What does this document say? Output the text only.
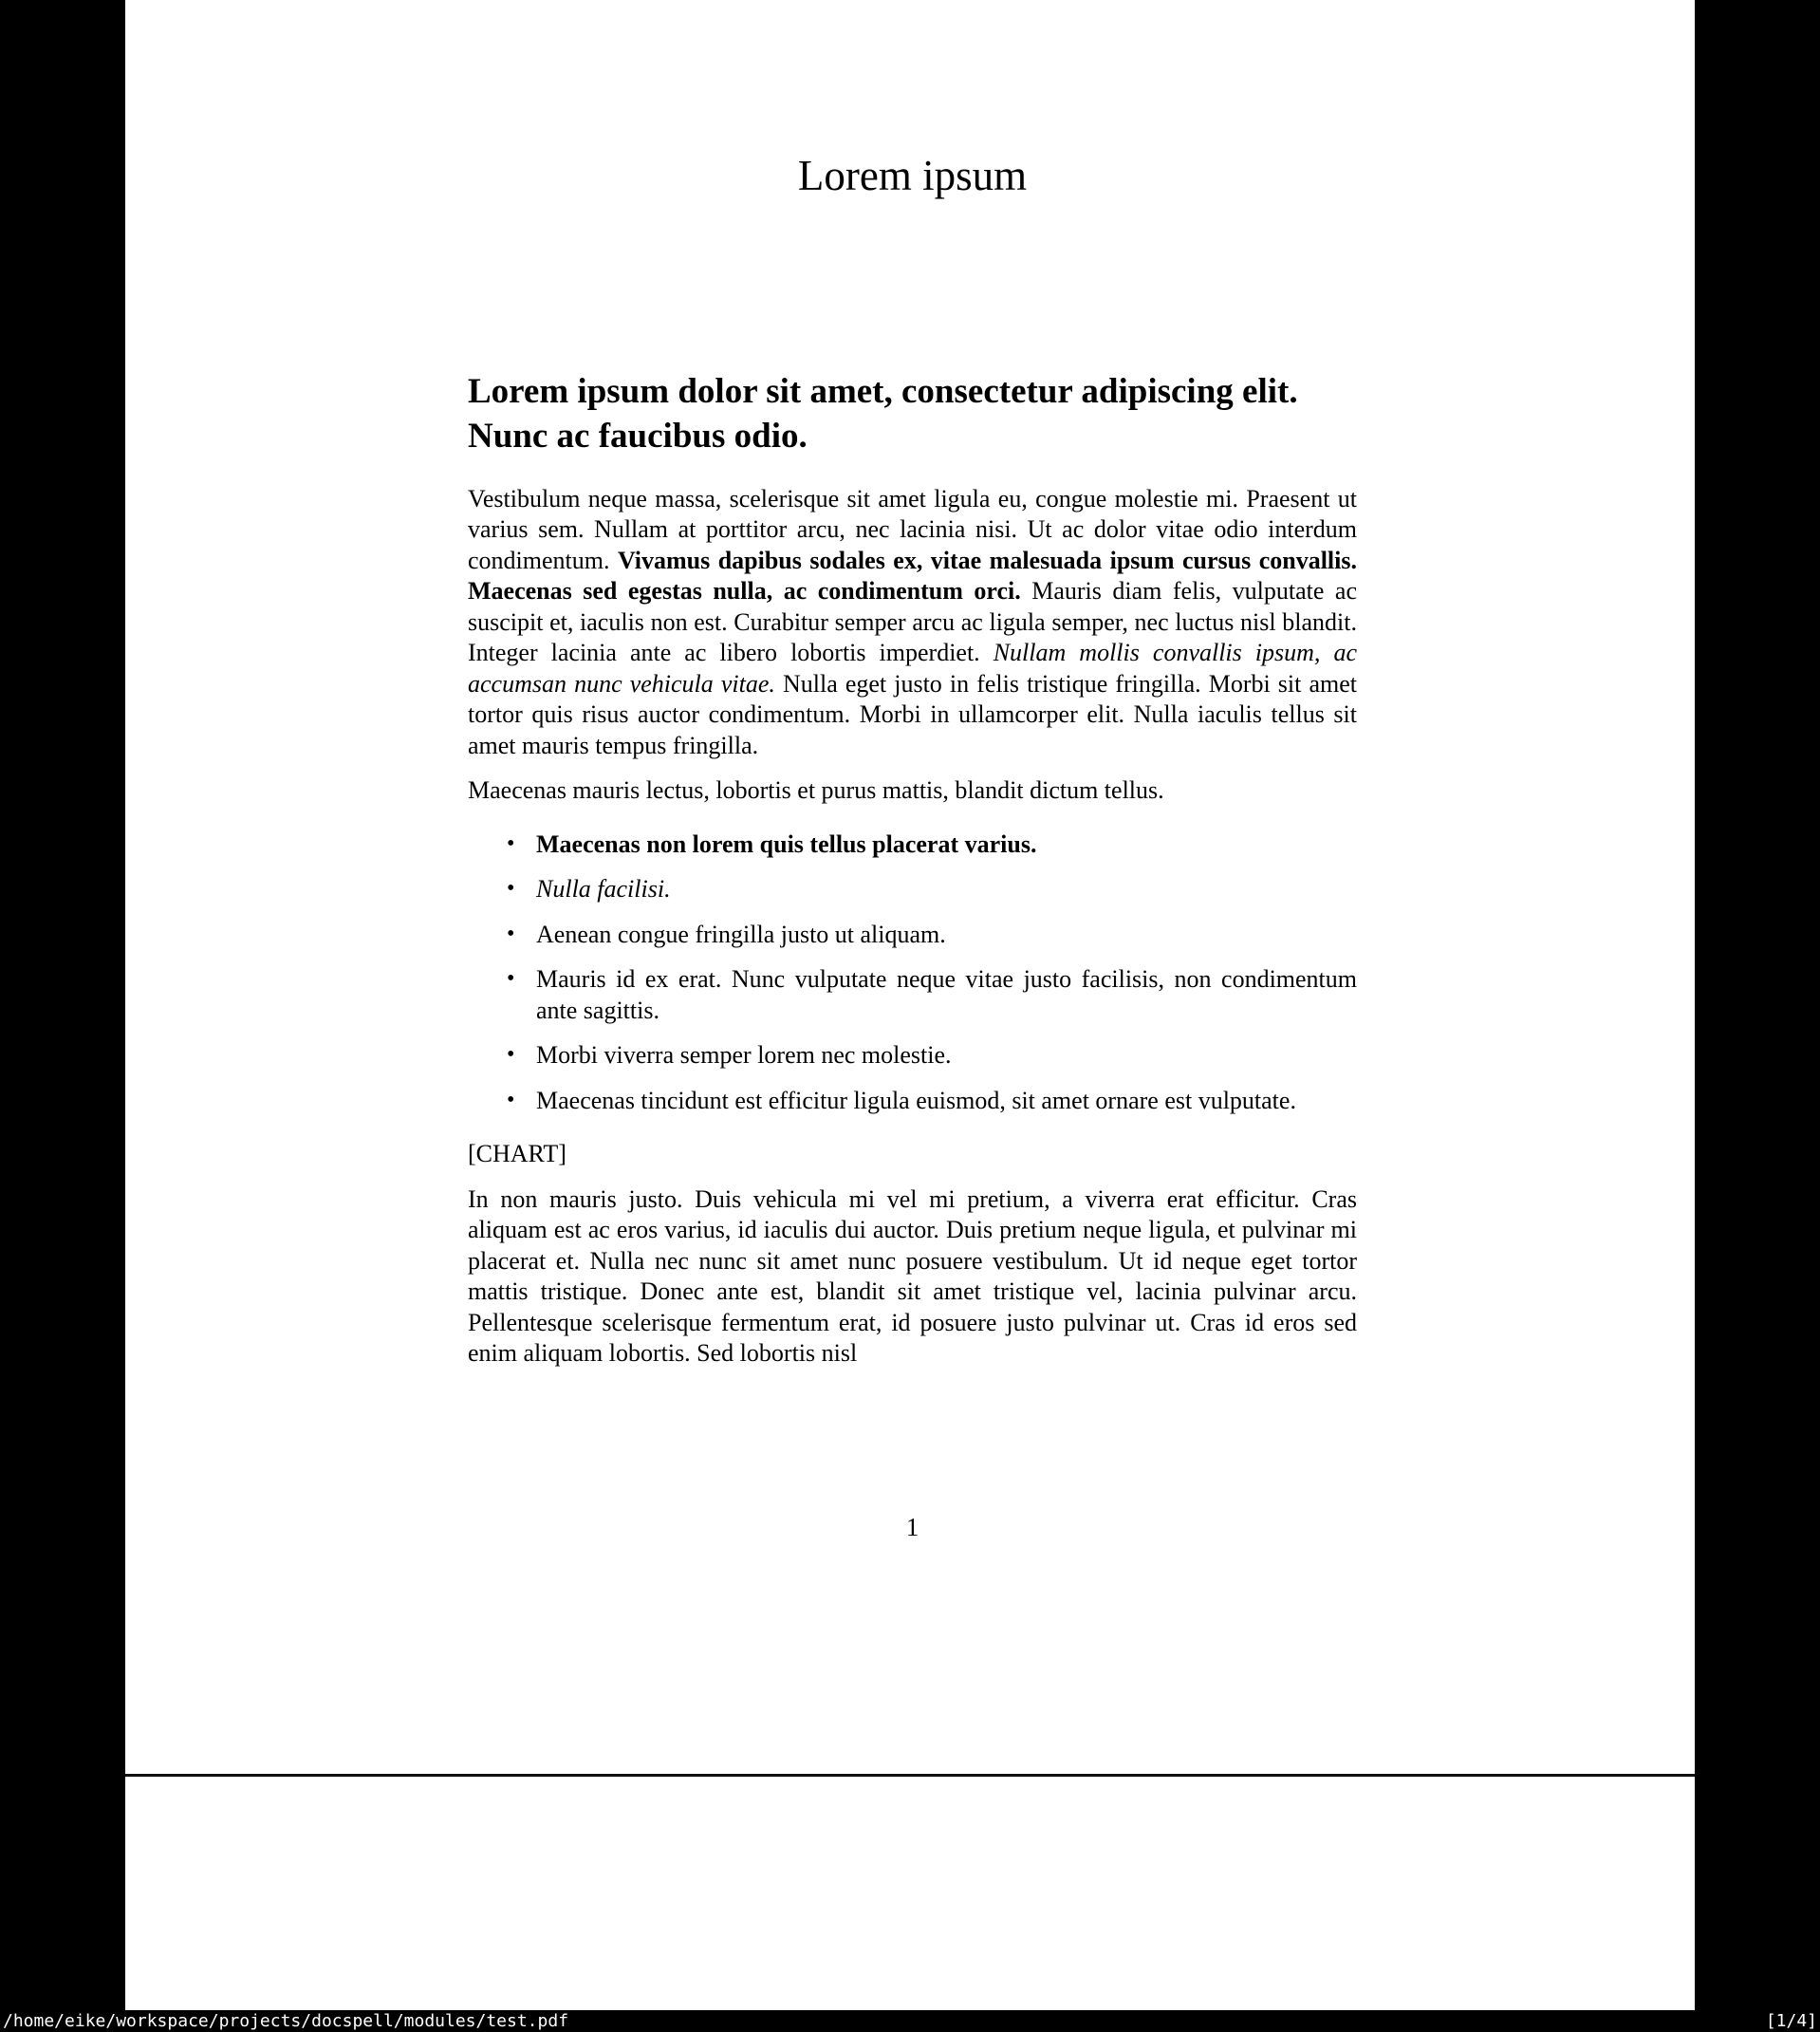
Lorem ipsum
Lorem ipsum dolor sit amet, consectetur adipiscing elit. Nunc ac faucibus odio.

Vestibulum neque massa, scelerisque sit amet ligula eu, congue molestie mi. Praesent ut varius sem. Nullam at porttitor arcu, nec lacinia nisi. Ut ac dolor vitae odio interdum condimentum. Vivamus dapibus sodales ex, vitae malesuada ipsum cursus convallis. Maecenas sed egestas nulla, ac condimentum orci. Mauris diam felis, vulputate ac suscipit et, iaculis non est. Curabitur semper arcu ac ligula semper, nec luctus nisl blandit. Integer lacinia ante ac libero lobortis imperdiet. Nullam mollis convallis ipsum, ac accumsan nunc vehicula vitae. Nulla eget justo in felis tristique fringilla. Morbi sit amet tortor quis risus auctor condimentum. Morbi in ullamcorper elit. Nulla iaculis tellus sit amet mauris tempus fringilla.

Maecenas mauris lectus, lobortis et purus mattis, blandit dictum tellus.

• Maecenas non lorem quis tellus placerat varius.
• Nulla facilisi.
• Aenean congue fringilla justo ut aliquam.
• Mauris id ex erat. Nunc vulputate neque vitae justo facilisis, non condimentum ante sagittis.
• Morbi viverra semper lorem nec molestie.
• Maecenas tincidunt est efficitur ligula euismod, sit amet ornare est vulputate.

[CHART]

In non mauris justo. Duis vehicula mi vel mi pretium, a viverra erat efficitur. Cras aliquam est ac eros varius, id iaculis dui auctor. Duis pretium neque ligula, et pulvinar mi placerat et. Nulla nec nunc sit amet nunc posuere vestibulum. Ut id neque eget tortor mattis tristique. Donec ante est, blandit sit amet tristique vel, lacinia pulvinar arcu. Pellentesque scelerisque fermentum erat, id posuere justo pulvinar ut. Cras id eros sed enim aliquam lobortis. Sed lobortis nisl

1
/home/eike/workspace/projects/docspell/modules/test.pdf	[1/4]
